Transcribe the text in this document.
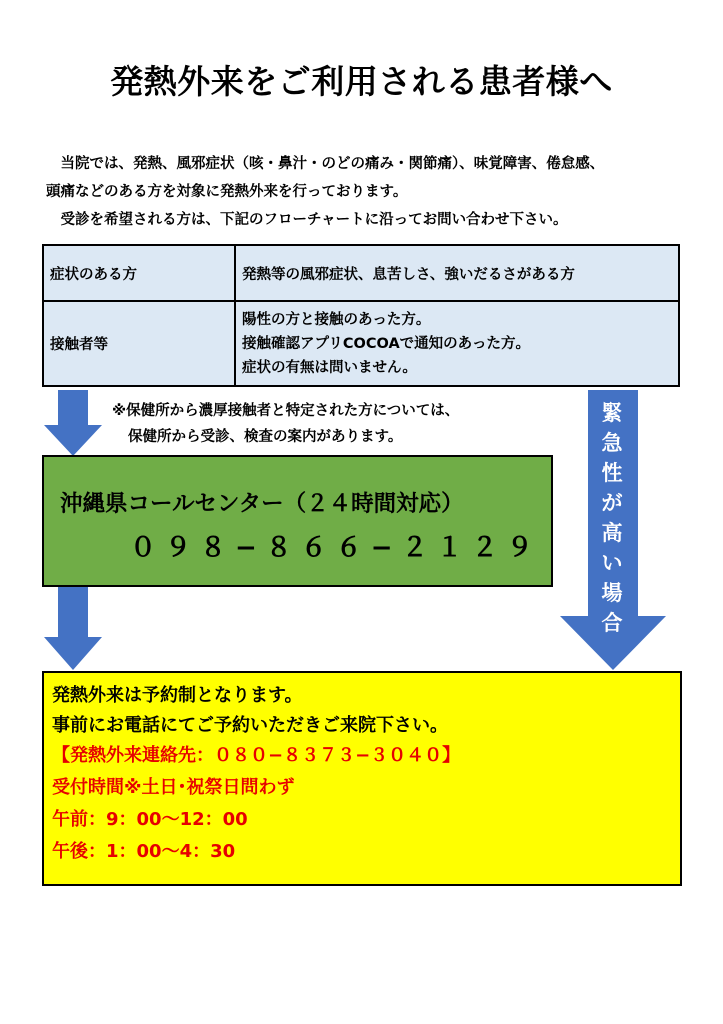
発熱外来をご利用される患者様へ
　当院では、発熱、風邪症状（咳・鼻汁・のどの痛み・関節痛）、味覚障害、倦怠感、
頭痛などのある方を対象に発熱外来を行っております。
　受診を希望される方は、下記のフローチャートに沿ってお問い合わせ下さい。
症状のある方	発熱等の風邪症状、息苦しさ、強いだるさがある方
接触者等	陽性の方と接触のあった方。
接触確認アプリCOCOAで通知のあった方。
症状の有無は問いません。
※保健所から濃厚接触者と特定された方については、
保健所から受診、検査の案内があります。
緊
急
性
が
高
い
場
合
沖縄県コールセンター（２４時間対応）
０９８−８６６−２１２９
発熱外来は予約制となります。
事前にお電話にてご予約いただきご来院下さい。
【発熱外来連絡先：０８０−８３７３−３０４０】
受付時間※土日･祝祭日問わず
午前：9：00〜12：00
午後：1：00〜4：30
